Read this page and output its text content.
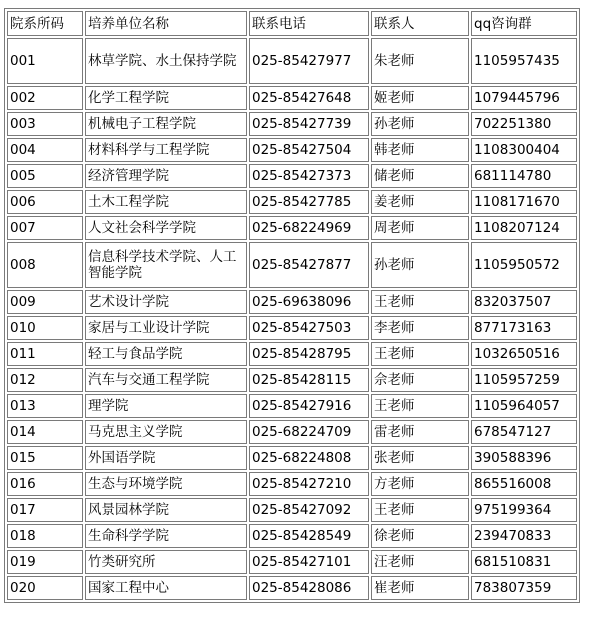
院系所码	培养单位名称	联系电话	联系人	qq咨询群
001	林草学院、水土保持学院	025-85427977	朱老师	1105957435
002	化学工程学院	025-85427648	姬老师	1079445796
003	机械电子工程学院	025-85427739	孙老师	702251380
004	材料科学与工程学院	025-85427504	韩老师	1108300404
005	经济管理学院	025-85427373	储老师	681114780
006	土木工程学院	025-85427785	姜老师	1108171670
007	人文社会科学学院	025-68224969	周老师	1108207124
008	信息科学技术学院、人工智能学院	025-85427877	孙老师	1105950572
009	艺术设计学院	025-69638096	王老师	832037507
010	家居与工业设计学院	025-85427503	李老师	877173163
011	轻工与食品学院	025-85428795	王老师	1032650516
012	汽车与交通工程学院	025-85428115	佘老师	1105957259
013	理学院	025-85427916	王老师	1105964057
014	马克思主义学院	025-68224709	雷老师	678547127
015	外国语学院	025-68224808	张老师	390588396
016	生态与环境学院	025-85427210	方老师	865516008
017	风景园林学院	025-85427092	王老师	975199364
018	生命科学学院	025-85428549	徐老师	239470833
019	竹类研究所	025-85427101	汪老师	681510831
020	国家工程中心	025-85428086	崔老师	783807359
